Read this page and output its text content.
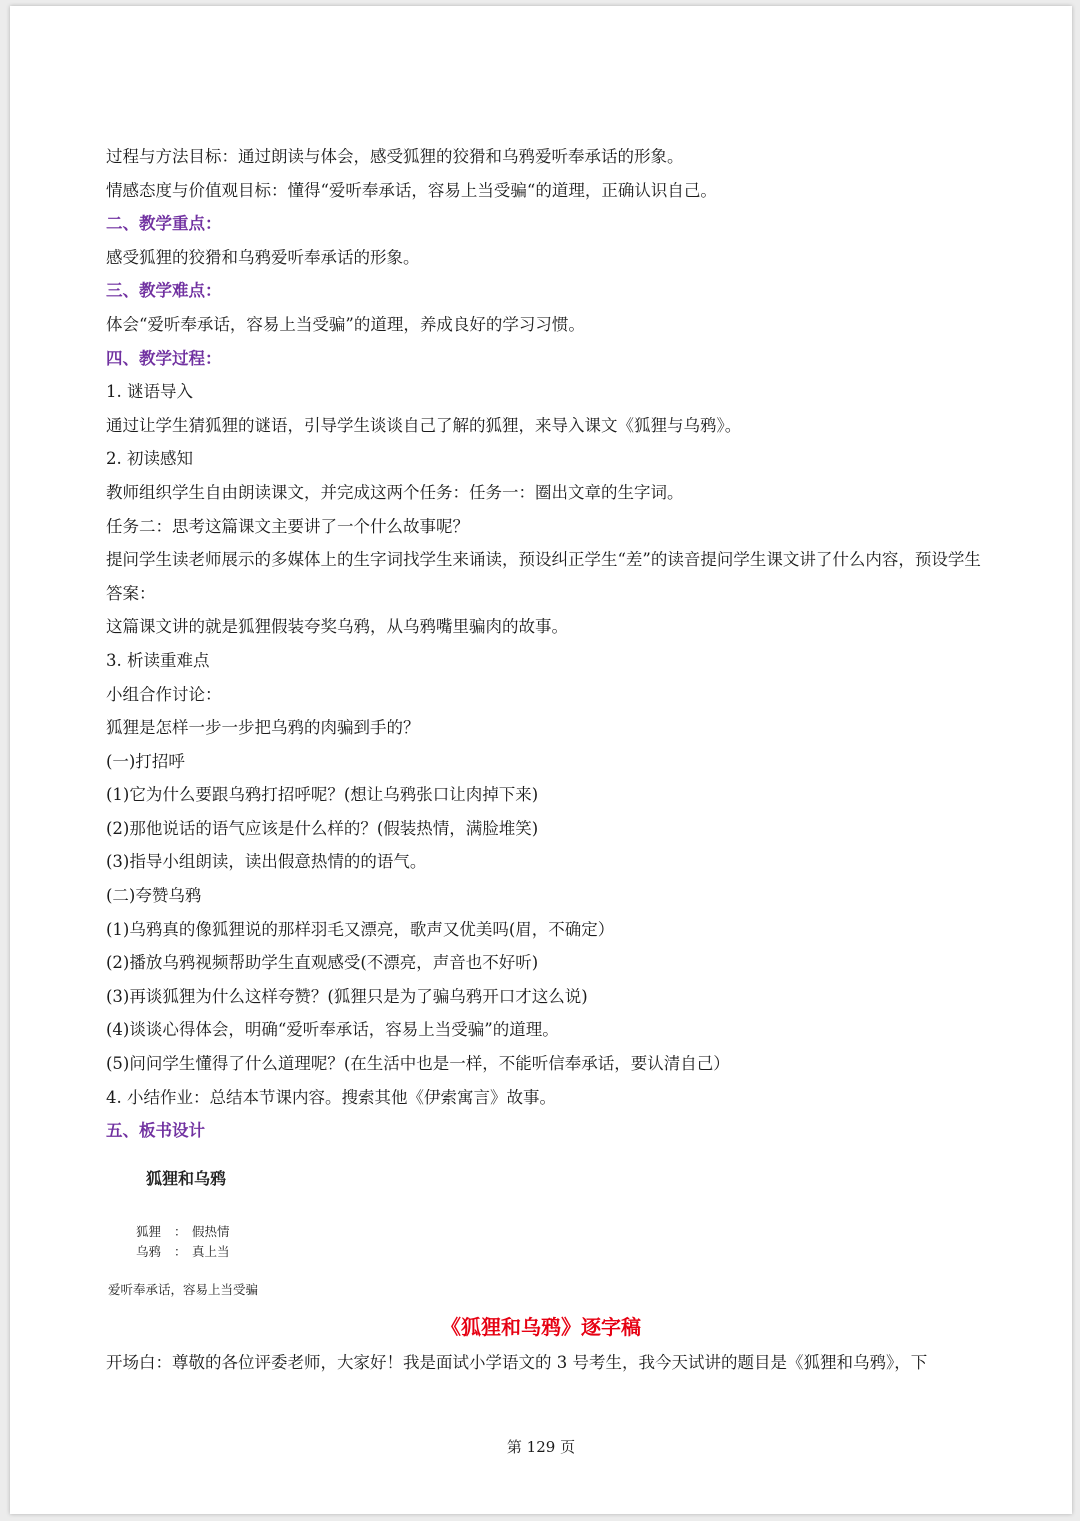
过程与方法目标：通过朗读与体会，感受狐狸的狡猾和乌鸦爱听奉承话的形象。
情感态度与价值观目标：懂得“爱听奉承话，容易上当受骗“的道理，正确认识自己。
二、教学重点：
感受狐狸的狡猾和乌鸦爱听奉承话的形象。
三、教学难点：
体会“爱听奉承话，容易上当受骗”的道理，养成良好的学习习惯。
四、教学过程：
1. 谜语导入
通过让学生猜狐狸的谜语，引导学生谈谈自己了解的狐狸，来导入课文《狐狸与乌鸦》。
2. 初读感知
教师组织学生自由朗读课文，并完成这两个任务：任务一：圈出文章的生字词。
任务二：思考这篇课文主要讲了一个什么故事呢？
提问学生读老师展示的多媒体上的生字词找学生来诵读，预设纠正学生“差”的读音提问学生课文讲了什么内容，预设学生答案：
这篇课文讲的就是狐狸假装夸奖乌鸦，从乌鸦嘴里骗肉的故事。
3. 析读重难点
小组合作讨论：
狐狸是怎样一步一步把乌鸦的肉骗到手的？
(一)打招呼
(1)它为什么要跟乌鸦打招呼呢？(想让乌鸦张口让肉掉下来)
(2)那他说话的语气应该是什么样的？(假装热情，满脸堆笑)
(3)指导小组朗读，读出假意热情的的语气。
(二)夸赞乌鸦
(1)乌鸦真的像狐狸说的那样羽毛又漂亮，歌声又优美吗(眉，不确定）
(2)播放乌鸦视频帮助学生直观感受(不漂亮，声音也不好听)
(3)再谈狐狸为什么这样夸赞？(狐狸只是为了骗乌鸦开口才这么说)
(4)谈谈心得体会，明确“爱听奉承话，容易上当受骗”的道理。
(5)问问学生懂得了什么道理呢？(在生活中也是一样，不能听信奉承话，要认清自己）
4. 小结作业：总结本节课内容。搜索其他《伊索寓言》故事。
五、板书设计
狐狸和乌鸦
狐狸 ： 假热情
乌鸦 ： 真上当
爱听奉承话，容易上当受骗
《狐狸和乌鸦》逐字稿
开场白：尊敬的各位评委老师，大家好！我是面试小学语文的 3 号考生，我今天试讲的题目是《狐狸和乌鸦》，下
第 129 页
